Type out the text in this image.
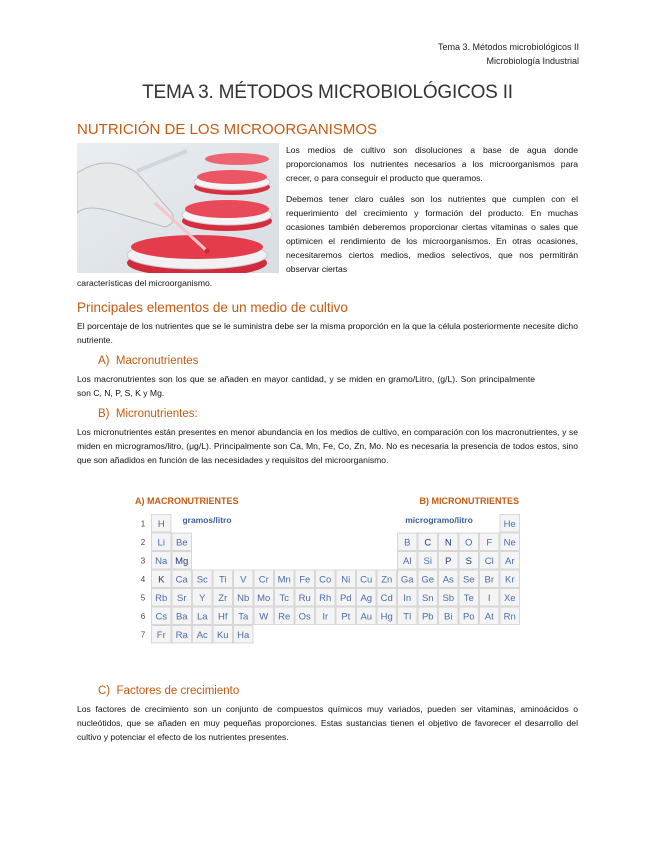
Tema 3. Métodos microbiológicos II
Microbiología Industrial
TEMA 3. MÉTODOS MICROBIOLÓGICOS II
NUTRICIÓN DE LOS MICROORGANISMOS
Los medios de cultivo son disoluciones a base de agua donde proporcionamos los nutrientes necesarios a los microorganismos para crecer, o para conseguir el producto que queramos.
Debemos tener claro cuáles son los nutrientes que cumplen con el requerimiento del crecimiento y formación del producto. En muchas ocasiones también deberemos proporcionar ciertas vitaminas o sales que optimicen el rendimiento de los microorganismos. En otras ocasiones, necesitaremos ciertos medios, medios selectivos, que nos permitirán observar ciertas
características del microorganismo.
Principales elementos de un medio de cultivo
El porcentaje de los nutrientes que se le suministra debe ser la misma proporción en la que la célula posteriormente necesite dicho nutriente.
A)  Macronutrientes
Los macronutrientes son los que se añaden en mayor cantidad, y se miden en gramo/Litro, (g/L). Son principalmente son C, N, P, S, K y Mg.
B)  Micronutrientes:
Los micronutrientes están presentes en menor abundancia en los medios de cultivo, en comparación con los macronutrientes, y se miden en microgramos/litro, (μg/L). Principalmente son Ca, Mn, Fe, Co, Zn, Mo. No es necesaria la presencia de todos estos, sino que son añadidos en función de las necesidades y requisitos del microorganismo.
A) MACRONUTRIENTES	B) MICRONUTRIENTES
gramos/litro	microgramo/litro
1
2
3
4
5
6
7
H	He
Li Be	B C N O F Ne
Na Mg	Al Si P S Cl Ar
K Ca Sc Ti V Cr Mn Fe Co Ni Cu Zn Ga Ge As Se Br Kr
Rb Sr Y Zr Nb Mo Tc Ru Rh Pd Ag Cd In Sn Sb Te I Xe
Cs Ba La Hf Ta W Re Os Ir Pt Au Hg Tl Pb Bi Po At Rn
Fr Ra Ac Ku Ha
C)  Factores de crecimiento
Los factores de crecimiento son un conjunto de compuestos químicos muy variados, pueden ser vitaminas, aminoácidos o nucleótidos, que se añaden en muy pequeñas proporciones. Estas sustancias tienen el objetivo de favorecer el desarrollo del cultivo y potenciar el efecto de los nutrientes presentes.
